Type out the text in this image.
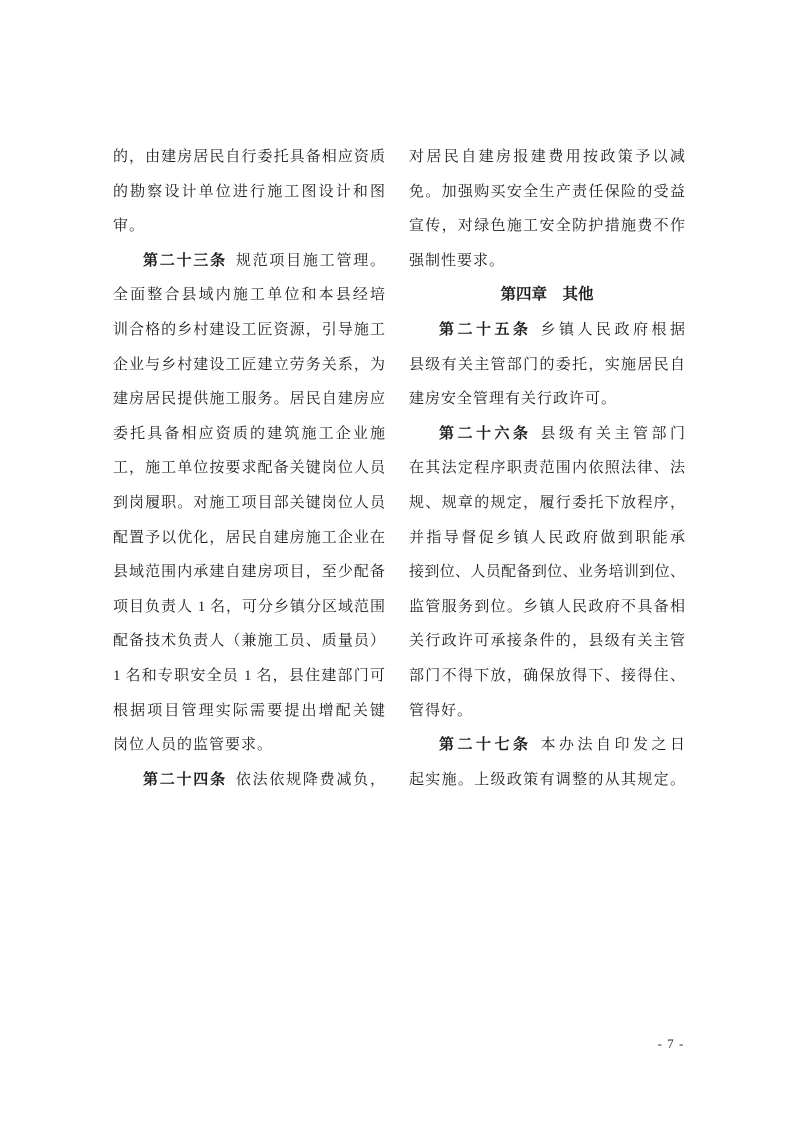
的，由建房居民自行委托具备相应资质
的勘察设计单位进行施工图设计和图
审。
第二十三条 规范项目施工管理。
全面整合县域内施工单位和本县经培
训合格的乡村建设工匠资源，引导施工
企业与乡村建设工匠建立劳务关系，为
建房居民提供施工服务。居民自建房应
委托具备相应资质的建筑施工企业施
工，施工单位按要求配备关键岗位人员
到岗履职。对施工项目部关键岗位人员
配置予以优化，居民自建房施工企业在
县域范围内承建自建房项目，至少配备
项目负责人 1 名，可分乡镇分区域范围
配备技术负责人（兼施工员、质量员）
1 名和专职安全员 1 名，县住建部门可
根据项目管理实际需要提出增配关键
岗位人员的监管要求。
第二十四条 依法依规降费减负，
对居民自建房报建费用按政策予以减
免。加强购买安全生产责任保险的受益
宣传，对绿色施工安全防护措施费不作
强制性要求。
第四章　其他
第二十五条 乡镇人民政府根据
县级有关主管部门的委托，实施居民自
建房安全管理有关行政许可。
第二十六条 县级有关主管部门
在其法定程序职责范围内依照法律、法
规、规章的规定，履行委托下放程序，
并指导督促乡镇人民政府做到职能承
接到位、人员配备到位、业务培训到位、
监管服务到位。乡镇人民政府不具备相
关行政许可承接条件的，县级有关主管
部门不得下放，确保放得下、接得住、
管得好。
第二十七条 本办法自印发之日
起实施。上级政策有调整的从其规定。
- 7 -
